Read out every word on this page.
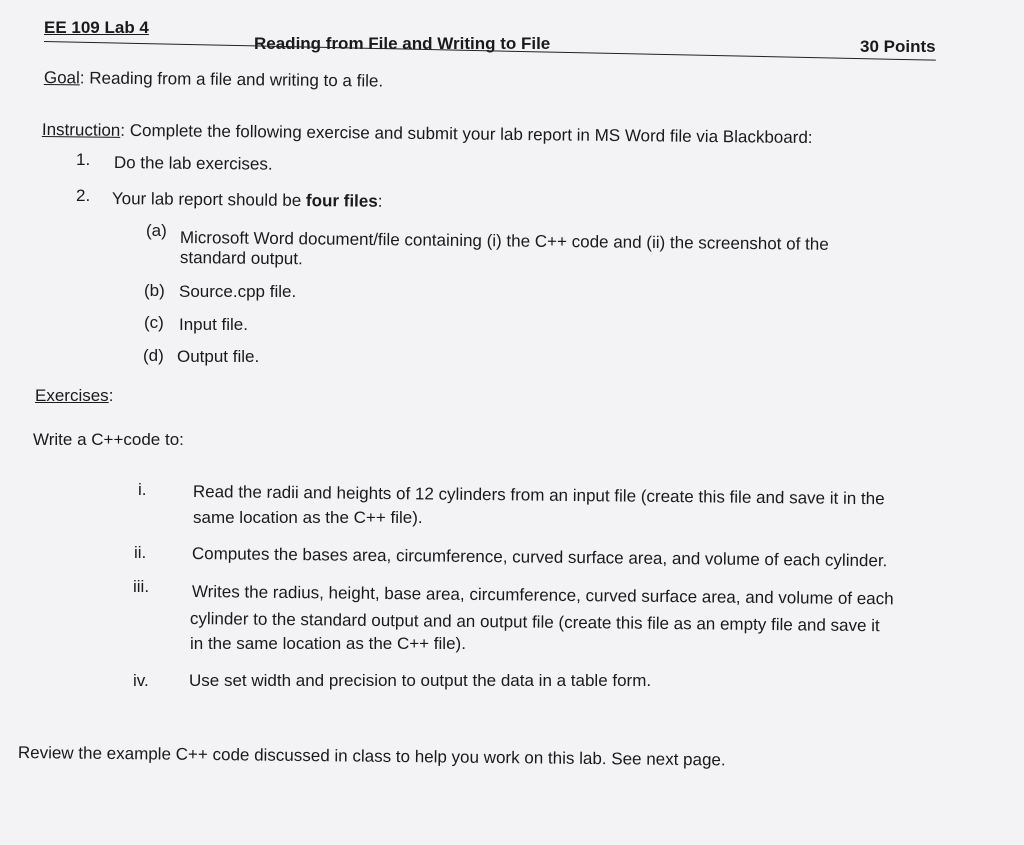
EE 109 Lab 4
Reading from File and Writing to File	30 Points
Goal: Reading from a file and writing to a file.
Instruction: Complete the following exercise and submit your lab report in MS Word file via Blackboard:
1. Do the lab exercises.
2. Your lab report should be four files:
(a) Microsoft Word document/file containing (i) the C++ code and (ii) the screenshot of the
standard output.
(b) Source.cpp file.
(c) Input file.
(d) Output file.
Exercises:
Write a C++code to:
i.	Read the radii and heights of 12 cylinders from an input file (create this file and save it in the
same location as the C++ file).
ii.	Computes the bases area, circumference, curved surface area, and volume of each cylinder.
iii.	Writes the radius, height, base area, circumference, curved surface area, and volume of each
cylinder to the standard output and an output file (create this file as an empty file and save it
in the same location as the C++ file).
iv. Use set width and precision to output the data in a table form.
Review the example C++ code discussed in class to help you work on this lab. See next page.
